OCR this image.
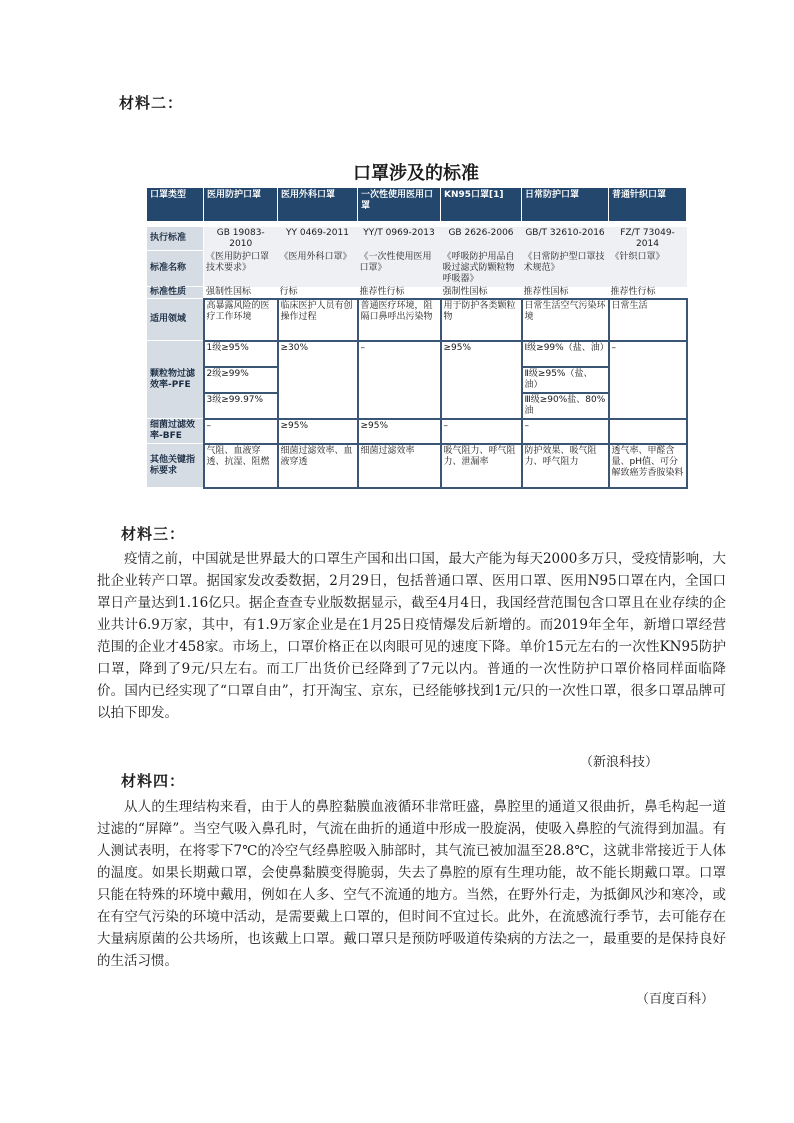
材料二：
口罩涉及的标准
口罩类型	医用防护口罩	医用外科口罩	一次性使用医用口罩	KN95口罩[1]	日常防护口罩	普通针织口罩

执行标准	GB 19083-2010	YY 0469-2011	YY/T 0969-2013	GB 2626-2006	GB/T 32610-2016	FZ/T 73049-2014
标准名称	《医用防护口罩技术要求》	《医用外科口罩》	《一次性使用医用口罩》	《呼吸防护用品自吸过滤式防颗粒物呼吸器》	《日常防护型口罩技术规范》	《针织口罩》
标准性质	强制性国标	行标	推荐性行标	强制性国标	推荐性国标	推荐性行标
适用领域	高暴露风险的医疗工作环境	临床医护人员有创操作过程	普通医疗环境，阻隔口鼻呼出污染物	用于防护各类颗粒物	日常生活空气污染环境	日常生活
颗粒物过滤效率-PFE	1级≥95%	≥30%	–	≥95%	Ⅰ级≥99%（盐、油）	–
	2级≥99%				Ⅱ级≥95%（盐、油）	
	3级≥99.97%				Ⅲ级≥90%盐、80%油	
细菌过滤效率-BFE	–	≥95%	≥95%	–	–	
其他关键指标要求	气阻、血液穿透、抗湿、阻燃	细菌过滤效率、血液穿透	细菌过滤效率	吸气阻力、呼气阻力、泄漏率	防护效果、吸气阻力、呼气阻力	透气率、甲醛含量、pH值、可分解致癌芳香胺染料
材料三：
疫情之前，中国就是世界最大的口罩生产国和出口国，最大产能为每天2000多万只，受疫情影响，大批企业转产口罩。据国家发改委数据，2月29日，包括普通口罩、医用口罩、医用N95口罩在内，全国口罩日产量达到1.16亿只。据企查查专业版数据显示，截至4月4日，我国经营范围包含口罩且在业存续的企业共计6.9万家，其中，有1.9万家企业是在1月25日疫情爆发后新增的。而2019年全年，新增口罩经营范围的企业才458家。市场上，口罩价格正在以肉眼可见的速度下降。单价15元左右的一次性KN95防护口罩，降到了9元/只左右。而工厂出货价已经降到了7元以内。普通的一次性防护口罩价格同样面临降价。国内已经实现了“口罩自由”，打开淘宝、京东，已经能够找到1元/只的一次性口罩，很多口罩品牌可以拍下即发。
（新浪科技）
材料四：
从人的生理结构来看，由于人的鼻腔黏膜血液循环非常旺盛，鼻腔里的通道又很曲折，鼻毛构起一道过滤的“屏障”。当空气吸入鼻孔时，气流在曲折的通道中形成一股旋涡，使吸入鼻腔的气流得到加温。有人测试表明，在将零下7℃的冷空气经鼻腔吸入肺部时，其气流已被加温至28.8℃，这就非常接近于人体的温度。如果长期戴口罩，会使鼻黏膜变得脆弱，失去了鼻腔的原有生理功能，故不能长期戴口罩。口罩只能在特殊的环境中戴用，例如在人多、空气不流通的地方。当然，在野外行走，为抵御风沙和寒冷，或在有空气污染的环境中活动，是需要戴上口罩的，但时间不宜过长。此外，在流感流行季节，去可能存在大量病原菌的公共场所，也该戴上口罩。戴口罩只是预防呼吸道传染病的方法之一，最重要的是保持良好的生活习惯。
（百度百科）
